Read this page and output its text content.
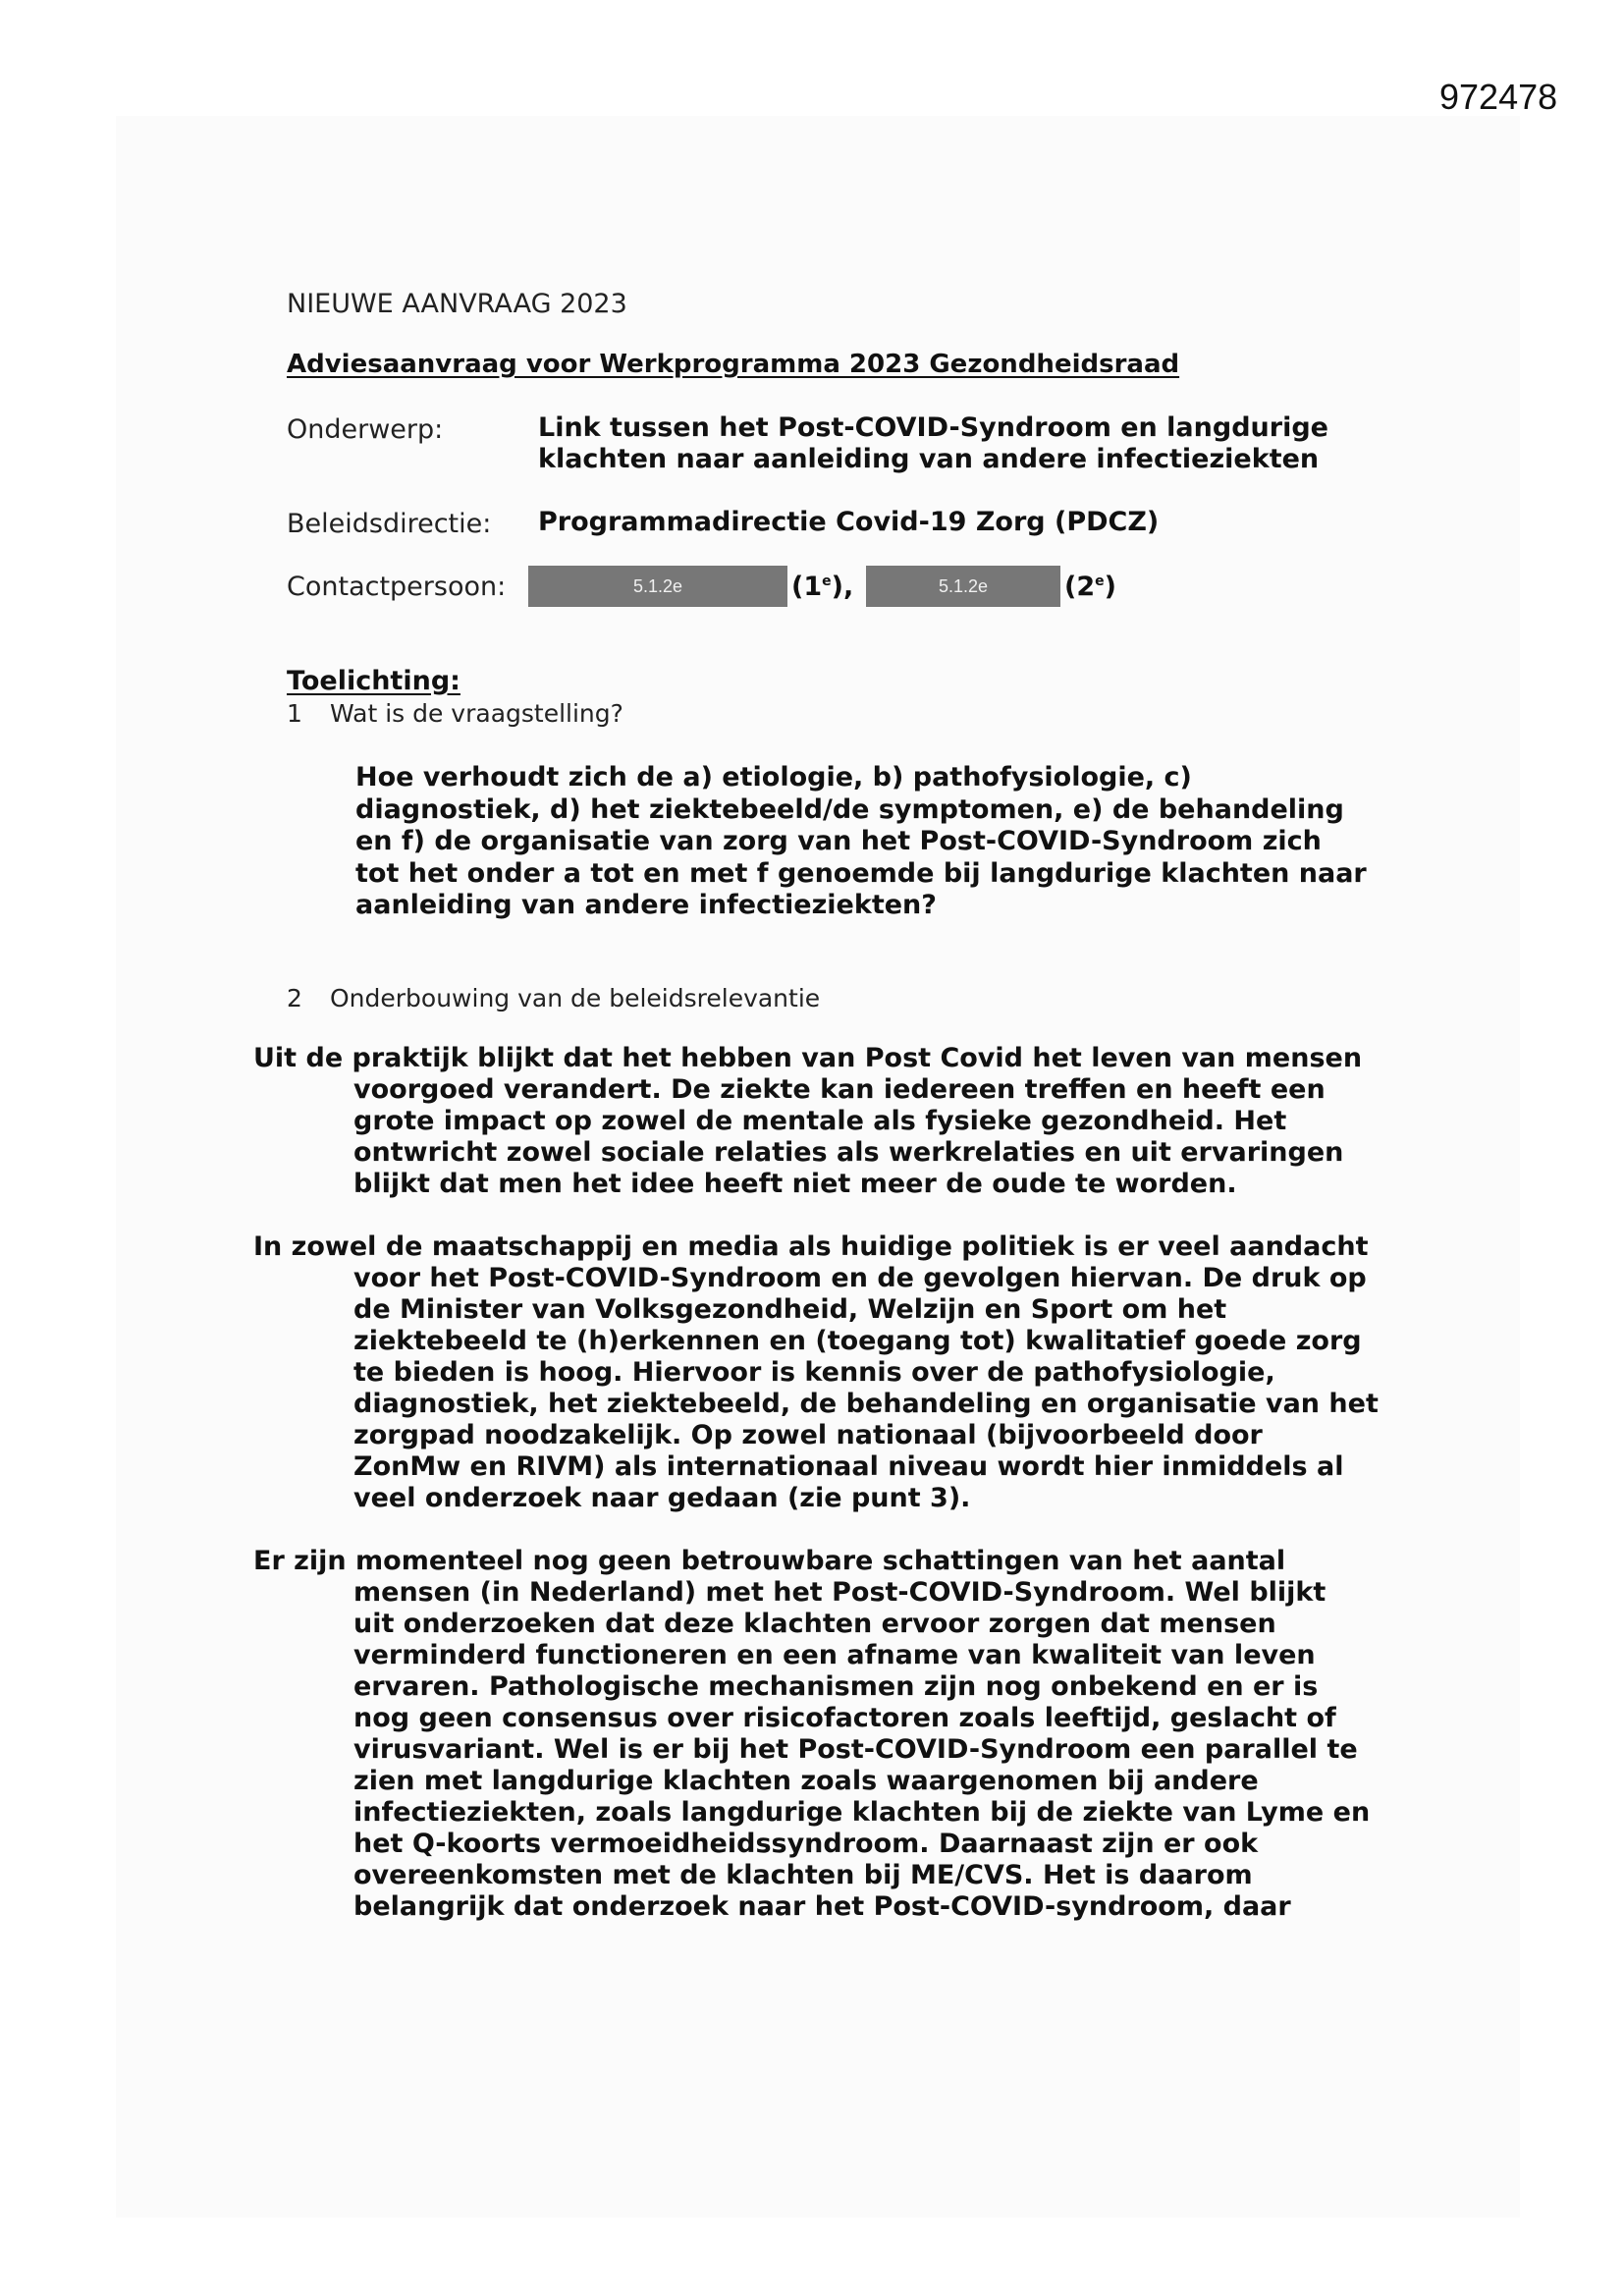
972478
NIEUWE AANVRAAG 2023
Adviesaanvraag voor Werkprogramma 2023 Gezondheidsraad
Onderwerp:	Link tussen het Post-COVID-Syndroom en langdurige
klachten naar aanleiding van andere infectieziekten
Beleidsdirectie: Programmadirectie Covid-19 Zorg (PDCZ)
Contactpersoon:	5.1.2e	(1e),	5.1.2e	(2e)
Toelichting:
1 Wat is de vraagstelling?
Hoe verhoudt zich de a) etiologie, b) pathofysiologie, c)
diagnostiek, d) het ziektebeeld/de symptomen, e) de behandeling
en f) de organisatie van zorg van het Post-COVID-Syndroom zich
tot het onder a tot en met f genoemde bij langdurige klachten naar
aanleiding van andere infectieziekten?
2 Onderbouwing van de beleidsrelevantie
Uit de praktijk blijkt dat het hebben van Post Covid het leven van mensen
voorgoed verandert. De ziekte kan iedereen treffen en heeft een
grote impact op zowel de mentale als fysieke gezondheid. Het
ontwricht zowel sociale relaties als werkrelaties en uit ervaringen
blijkt dat men het idee heeft niet meer de oude te worden.
In zowel de maatschappij en media als huidige politiek is er veel aandacht
voor het Post-COVID-Syndroom en de gevolgen hiervan. De druk op
de Minister van Volksgezondheid, Welzijn en Sport om het
ziektebeeld te (h)erkennen en (toegang tot) kwalitatief goede zorg
te bieden is hoog. Hiervoor is kennis over de pathofysiologie,
diagnostiek, het ziektebeeld, de behandeling en organisatie van het
zorgpad noodzakelijk. Op zowel nationaal (bijvoorbeeld door
ZonMw en RIVM) als internationaal niveau wordt hier inmiddels al
veel onderzoek naar gedaan (zie punt 3).
Er zijn momenteel nog geen betrouwbare schattingen van het aantal
mensen (in Nederland) met het Post-COVID-Syndroom. Wel blijkt
uit onderzoeken dat deze klachten ervoor zorgen dat mensen
verminderd functioneren en een afname van kwaliteit van leven
ervaren. Pathologische mechanismen zijn nog onbekend en er is
nog geen consensus over risicofactoren zoals leeftijd, geslacht of
virusvariant. Wel is er bij het Post-COVID-Syndroom een parallel te
zien met langdurige klachten zoals waargenomen bij andere
infectieziekten, zoals langdurige klachten bij de ziekte van Lyme en
het Q-koorts vermoeidheidssyndroom. Daarnaast zijn er ook
overeenkomsten met de klachten bij ME/CVS. Het is daarom
belangrijk dat onderzoek naar het Post-COVID-syndroom, daar
